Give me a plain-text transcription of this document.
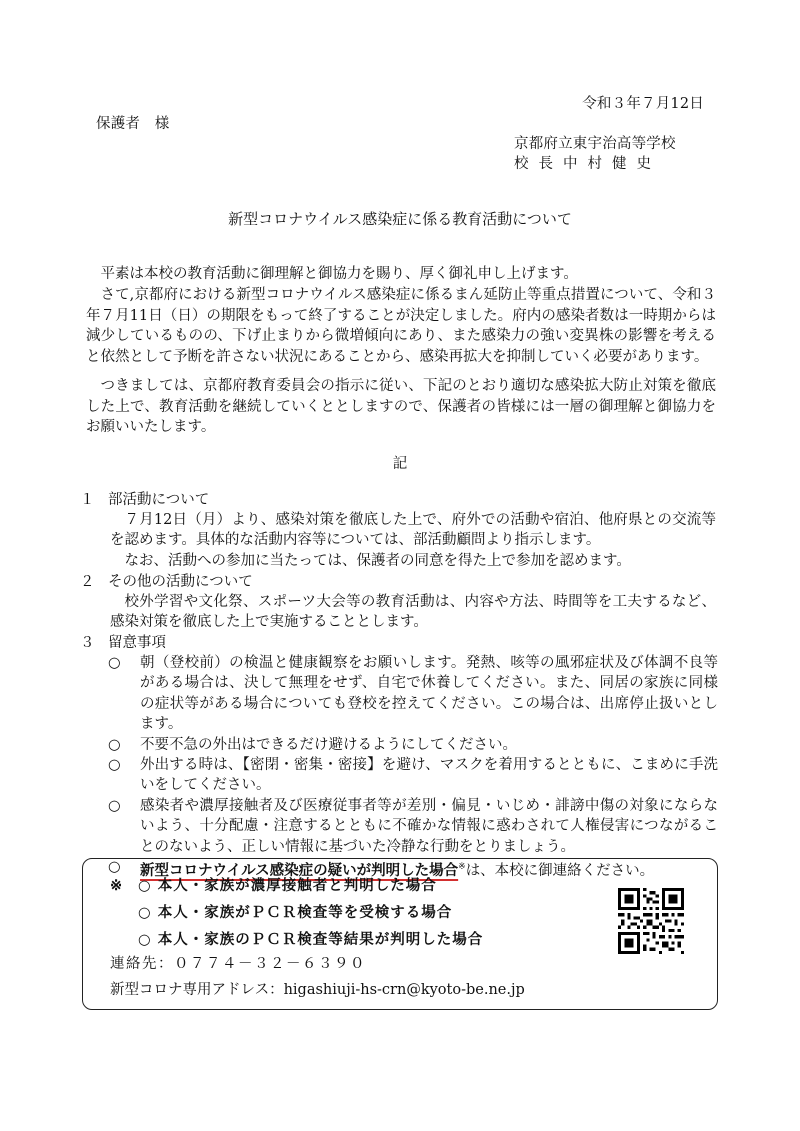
令和３年７月12日
保護者　様
京都府立東宇治高等学校
校長中村健史
新型コロナウイルス感染症に係る教育活動について

平素は本校の教育活動に御理解と御協力を賜り、厚く御礼申し上げます。

さて,京都府における新型コロナウイルス感染症に係るまん延防止等重点措置について、令和３年７月11日（日）の期限をもって終了することが決定しました。府内の感染者数は一時期からは減少しているものの、下げ止まりから微増傾向にあり、また感染力の強い変異株の影響を考えると依然として予断を許さない状況にあることから、感染再拡大を抑制していく必要があります。

つきましては、京都府教育委員会の指示に従い、下記のとおり適切な感染拡大防止対策を徹底した上で、教育活動を継続していくととしますので、保護者の皆様には一層の御理解と御協力をお願いいたします。

記
１ 部活動について
７月12日（月）より、感染対策を徹底した上で、府外での活動や宿泊、他府県との交流等を認めます。具体的な活動内容等については、部活動顧問より指示します。
なお、活動への参加に当たっては、保護者の同意を得た上で参加を認めます。
２ その他の活動について
校外学習や文化祭、スポーツ大会等の教育活動は、内容や方法、時間等を工夫するなど、感染対策を徹底した上で実施することとします。
３ 留意事項
○ 朝（登校前）の検温と健康観察をお願いします。発熱、咳等の風邪症状及び体調不良等がある場合は、決して無理をせず、自宅で休養してください。また、同居の家族に同様の症状等がある場合についても登校を控えてください。この場合は、出席停止扱いとします。
○ 不要不急の外出はできるだけ避けるようにしてください。
○ 外出する時は、【密閉・密集・密接】を避け、マスクを着用するとともに、こまめに手洗いをしてください。
○ 感染者や濃厚接触者及び医療従事者等が差別・偏見・いじめ・誹謗中傷の対象にならないよう、十分配慮・注意するとともに不確かな情報に惑わされて人権侵害につながることのないよう、正しい情報に基づいた冷静な行動をとりましょう。
○ 新型コロナウイルス感染症の疑いが判明した場合※は、本校に御連絡ください。
※ ○ 本人・家族が濃厚接触者と判明した場合
○ 本人・家族がＰＣＲ検査等を受検する場合
○ 本人・家族のＰＣＲ検査等結果が判明した場合
連絡先：０７７４－３２－６３９０
新型コロナ専用アドレス：higashiuji-hs-crn@kyoto-be.ne.jp
